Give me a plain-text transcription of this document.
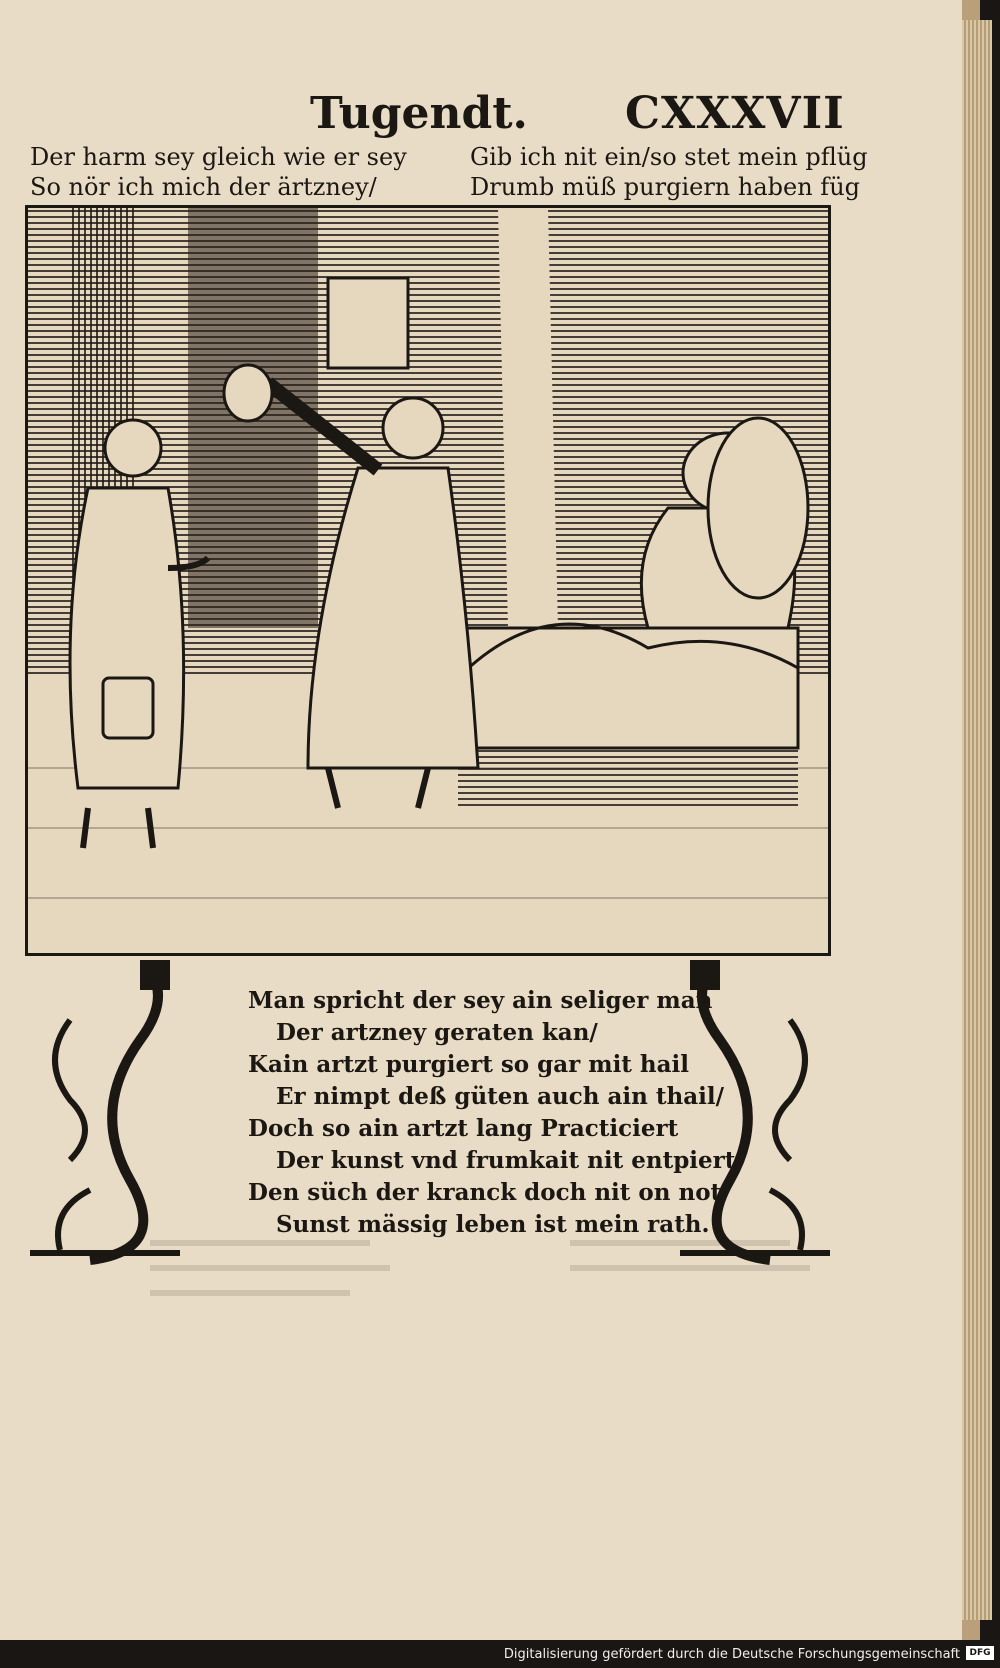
Tugendt. CXXXVII
Der harm sey gleich wie er sey
So nör ich mich der ärtzney/
Gib ich nit ein/so stet mein pflüg
Drumb müß purgiern haben füg
Man spricht der sey ain seliger man
Der artzney geraten kan/
Kain artzt purgiert so gar mit hail
Er nimpt deß güten auch ain thail/
Doch so ain artzt lang Practiciert
Der kunst vnd frumkait nit entpiert
Den süch der kranck doch nit on not
Sunst mässig leben ist mein rath.
Digitalisierung gefördert durch die Deutsche Forschungsgemeinschaft	DFG
